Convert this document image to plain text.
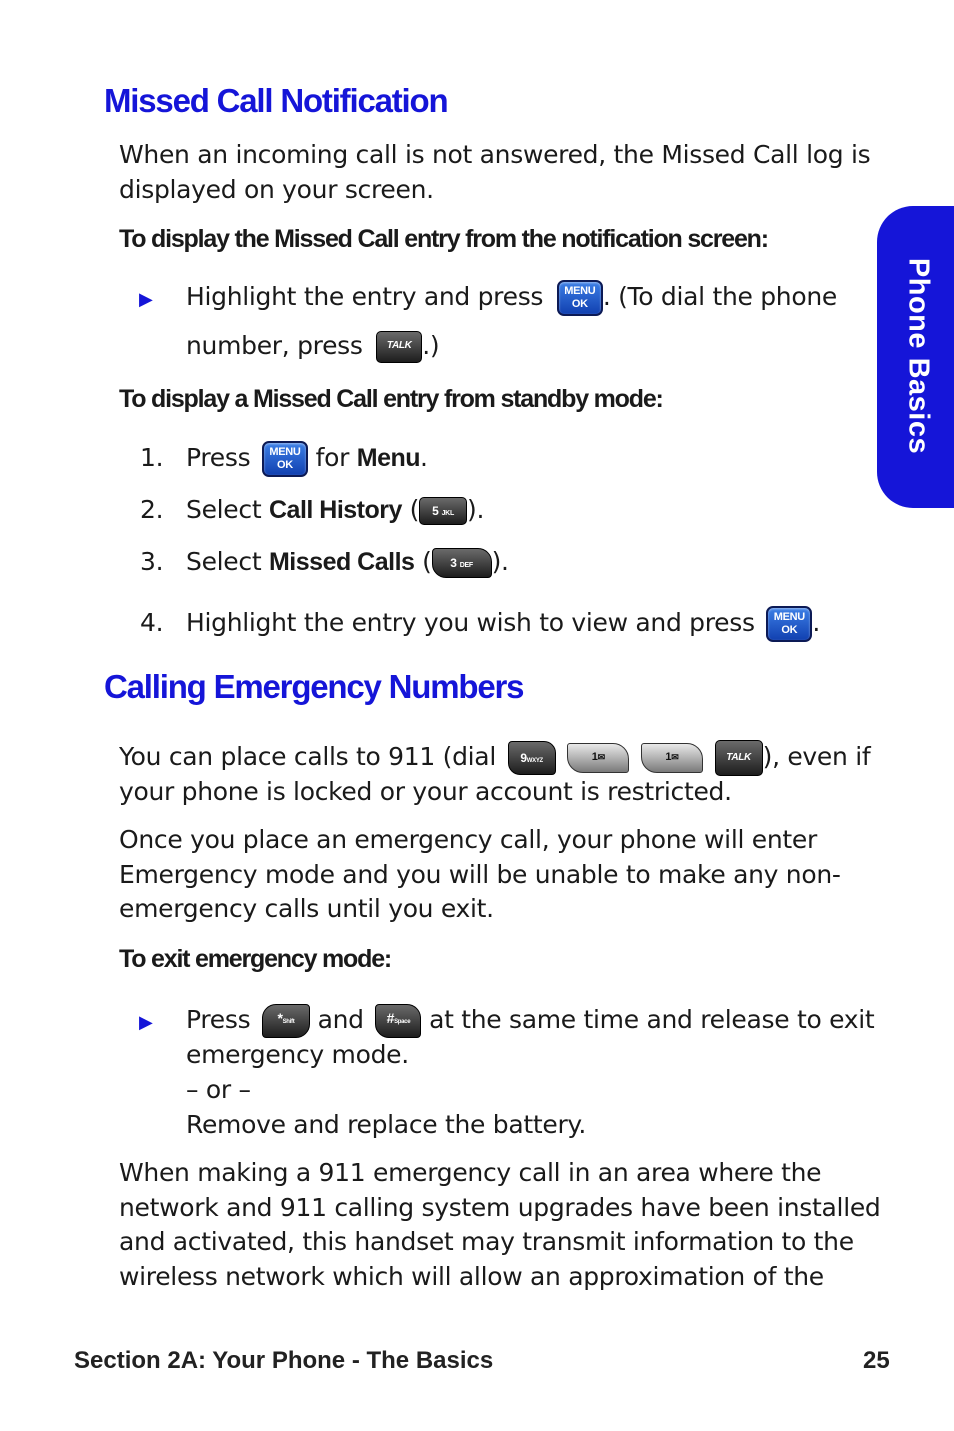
Phone Basics
Missed Call Notification
When an incoming call is not answered, the Missed Call log is
displayed on your screen.
To display the Missed Call entry from the notification screen:
▶ Highlight the entry and press	MENU
OK . (To dial the phone
number, press TALK .)
To display a Missed Call entry from standby mode:
1. Press	MENU
OK for Menu.
2. Select Call History ( 5 JKL ).
3. Select Missed Calls ( 3 DEF ).
4. Highlight the entry you wish to view and press	MENU
OK .
Calling Emergency Numbers
You can place calls to 911 (dial 9WXYZ	1✉	1✉	TALK ), even if
your phone is locked or your account is restricted.
Once you place an emergency call, your phone will enter
Emergency mode and you will be unable to make any non-
emergency calls until you exit.
To exit emergency mode:
▶ Press *Shift and #Space at the same time and release to exit
emergency mode.
– or –
Remove and replace the battery.
When making a 911 emergency call in an area where the
network and 911 calling system upgrades have been installed
and activated, this handset may transmit information to the
wireless network which will allow an approximation of the
Section 2A: Your Phone - The Basics	25
